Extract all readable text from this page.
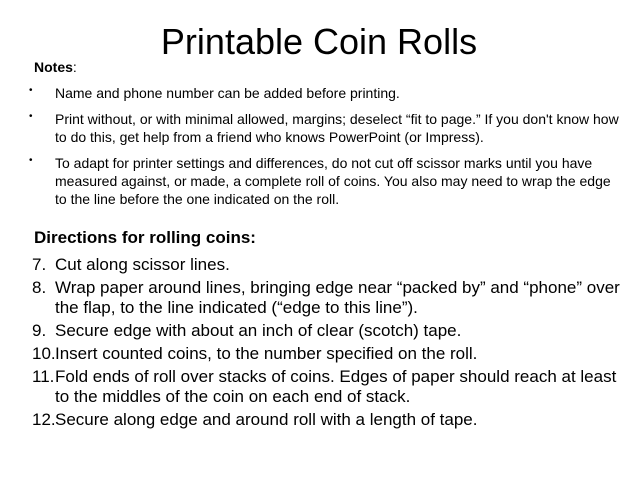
Printable Coin Rolls
Notes:
• Name and phone number can be added before printing.
• Print without, or with minimal allowed, margins; deselect “fit to page.” If you don't know how to do this, get help from a friend who knows PowerPoint (or Impress).
• To adapt for printer settings and differences, do not cut off scissor marks until you have measured against, or made, a complete roll of coins. You also may need to wrap the edge to the line before the one indicated on the roll.
Directions for rolling coins:
7. Cut along scissor lines.
8. Wrap paper around lines, bringing edge near “packed by” and “phone” over the flap, to the line indicated (“edge to this line”).
9. Secure edge with about an inch of clear (scotch) tape.
10. Insert counted coins, to the number specified on the roll.
11. Fold ends of roll over stacks of coins. Edges of paper should reach at least to the middles of the coin on each end of stack.
12. Secure along edge and around roll with a length of tape.
